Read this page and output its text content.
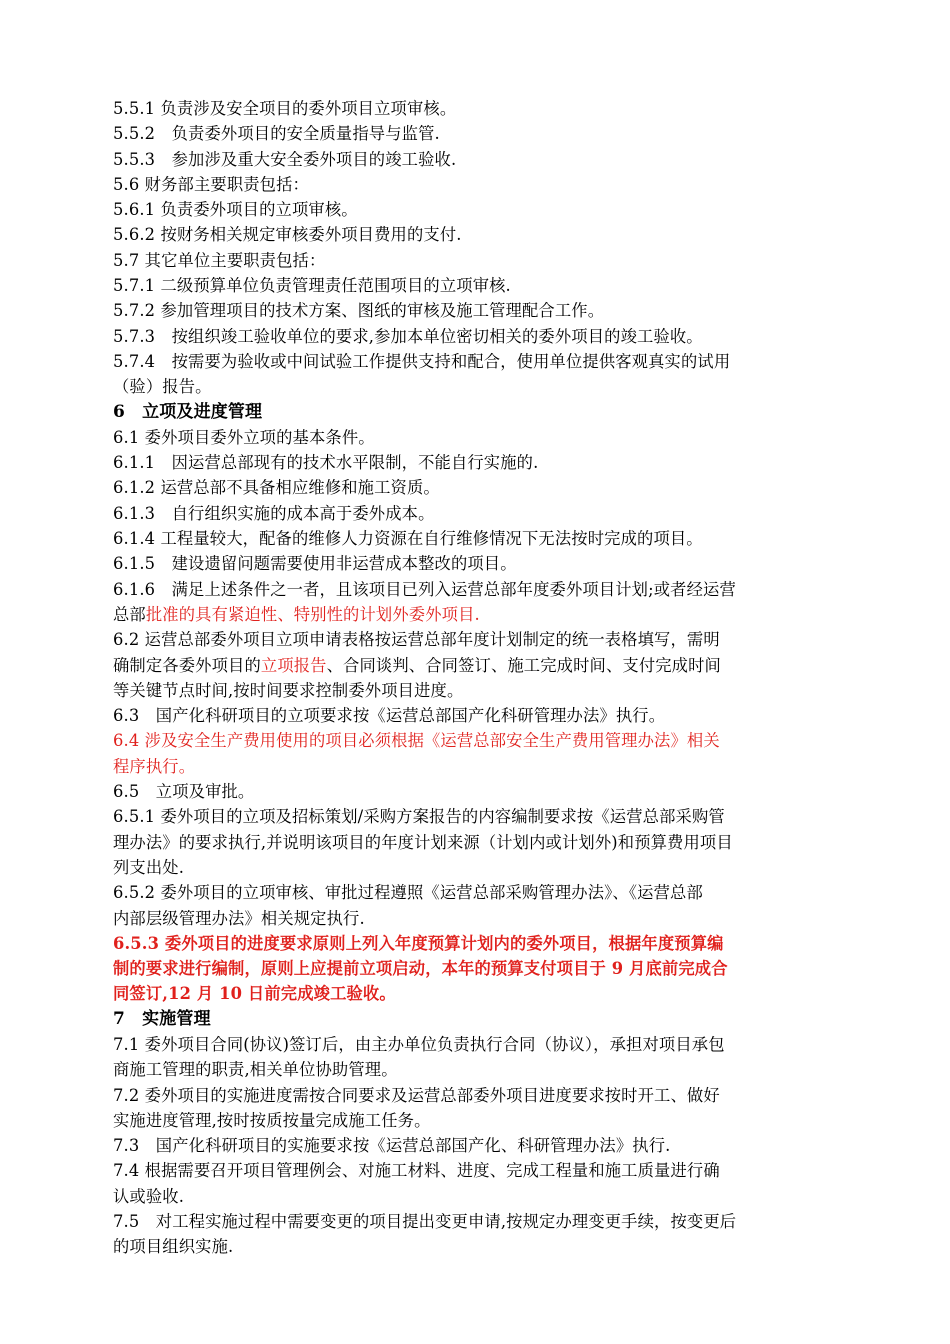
5.5.1 负责涉及安全项目的委外项目立项审核。
5.5.2　负责委外项目的安全质量指导与监管.
5.5.3　参加涉及重大安全委外项目的竣工验收.
5.6 财务部主要职责包括：
5.6.1 负责委外项目的立项审核。
5.6.2 按财务相关规定审核委外项目费用的支付.
5.7 其它单位主要职责包括：
5.7.1 二级预算单位负责管理责任范围项目的立项审核.
5.7.2 参加管理项目的技术方案、图纸的审核及施工管理配合工作。
5.7.3　按组织竣工验收单位的要求,参加本单位密切相关的委外项目的竣工验收。
5.7.4　按需要为验收或中间试验工作提供支持和配合，使用单位提供客观真实的试用
（验）报告。
6　立项及进度管理
6.1 委外项目委外立项的基本条件。
6.1.1　因运营总部现有的技术水平限制，不能自行实施的.
6.1.2 运营总部不具备相应维修和施工资质。
6.1.3　自行组织实施的成本高于委外成本。
6.1.4 工程量较大，配备的维修人力资源在自行维修情况下无法按时完成的项目。
6.1.5　建设遗留问题需要使用非运营成本整改的项目。
6.1.6　满足上述条件之一者，且该项目已列入运营总部年度委外项目计划;或者经运营
总部批准的具有紧迫性、特别性的计划外委外项目.
6.2 运营总部委外项目立项申请表格按运营总部年度计划制定的统一表格填写，需明
确制定各委外项目的立项报告、合同谈判、合同签订、施工完成时间、支付完成时间
等关键节点时间,按时间要求控制委外项目进度。
6.3　国产化科研项目的立项要求按《运营总部国产化科研管理办法》执行。
6.4 涉及安全生产费用使用的项目必须根据《运营总部安全生产费用管理办法》相关
程序执行。
6.5　立项及审批。
6.5.1 委外项目的立项及招标策划/采购方案报告的内容编制要求按《运营总部采购管
理办法》的要求执行,并说明该项目的年度计划来源（计划内或计划外)和预算费用项目
列支出处.
6.5.2 委外项目的立项审核、审批过程遵照《运营总部采购管理办法》、《运营总部
内部层级管理办法》相关规定执行.
6.5.3 委外项目的进度要求原则上列入年度预算计划内的委外项目，根据年度预算编
制的要求进行编制，原则上应提前立项启动，本年的预算支付项目于 9 月底前完成合
同签订,12 月 10 日前完成竣工验收。
7　实施管理
7.1 委外项目合同(协议)签订后，由主办单位负责执行合同（协议），承担对项目承包
商施工管理的职责,相关单位协助管理。
7.2 委外项目的实施进度需按合同要求及运营总部委外项目进度要求按时开工、做好
实施进度管理,按时按质按量完成施工任务。
7.3　国产化科研项目的实施要求按《运营总部国产化、科研管理办法》执行.
7.4 根据需要召开项目管理例会、对施工材料、进度、完成工程量和施工质量进行确
认或验收.
7.5　对工程实施过程中需要变更的项目提出变更申请,按规定办理变更手续，按变更后
的项目组织实施.
